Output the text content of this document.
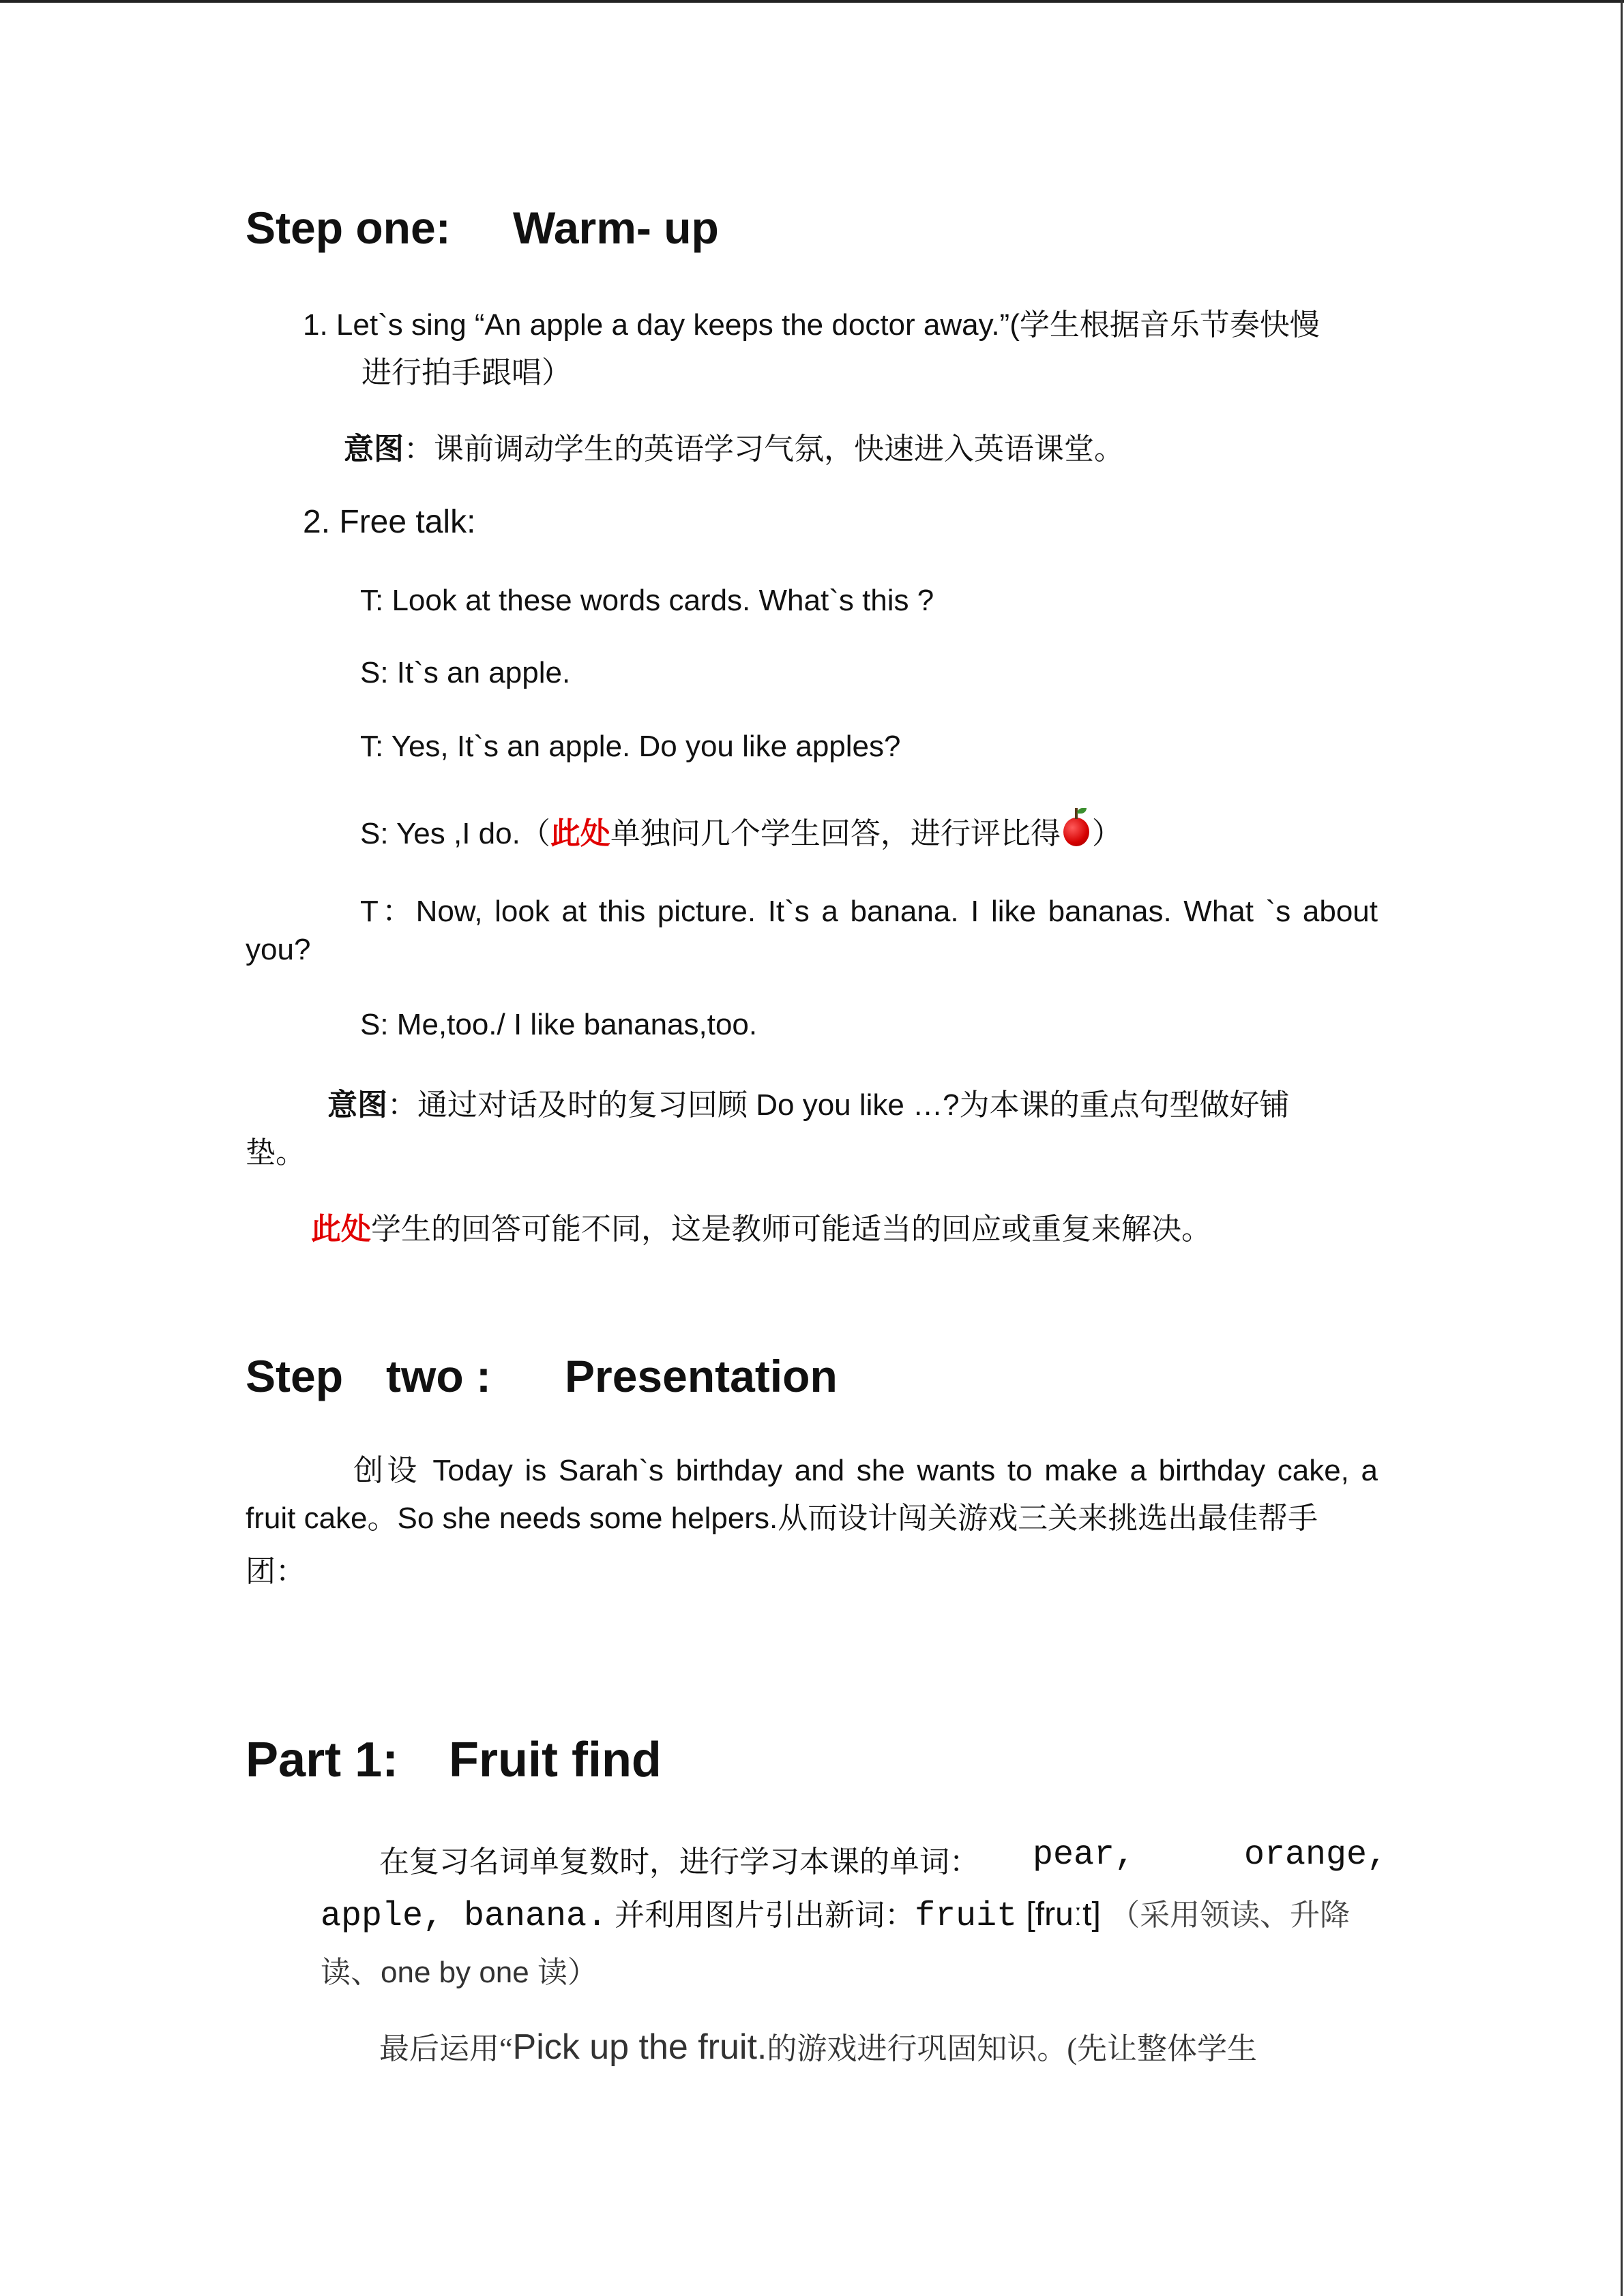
Step one: Warm- up
1. Let`s sing “An apple a day keeps the doctor away.”(学生根据音乐节奏快慢
进行拍手跟唱）
意图：课前调动学生的英语学习气氛，快速进入英语课堂。
2. Free talk:
T: Look at these words cards. What`s this ?
S: It`s an apple.
T: Yes, It`s an apple. Do you like apples?
S: Yes ,I do.（此处单独问几个学生回答，进行评比得 ）
T：Now, look at this picture. It`s a banana. I like bananas. What `s about
you?
S: Me,too./ I like bananas,too.
意图：通过对话及时的复习回顾 Do you like …?为本课的重点句型做好铺
垫。
此处学生的回答可能不同，这是教师可能适当的回应或重复来解决。
Step two : Presentation
创设 Today is Sarah`s birthday and she wants to make a birthday cake, a
fruit cake。So she needs some helpers.从而设计闯关游戏三关来挑选出最佳帮手
团：
Part 1: Fruit find
在复习名词单复数时，进行学习本课的单词： pear,	orange,
apple, banana. 并利用图片引出新词：fruit [fruːt] （采用领读、升降
读、one by one 读）
最后运用“Pick up the fruit.的游戏进行巩固知识。(先让整体学生
